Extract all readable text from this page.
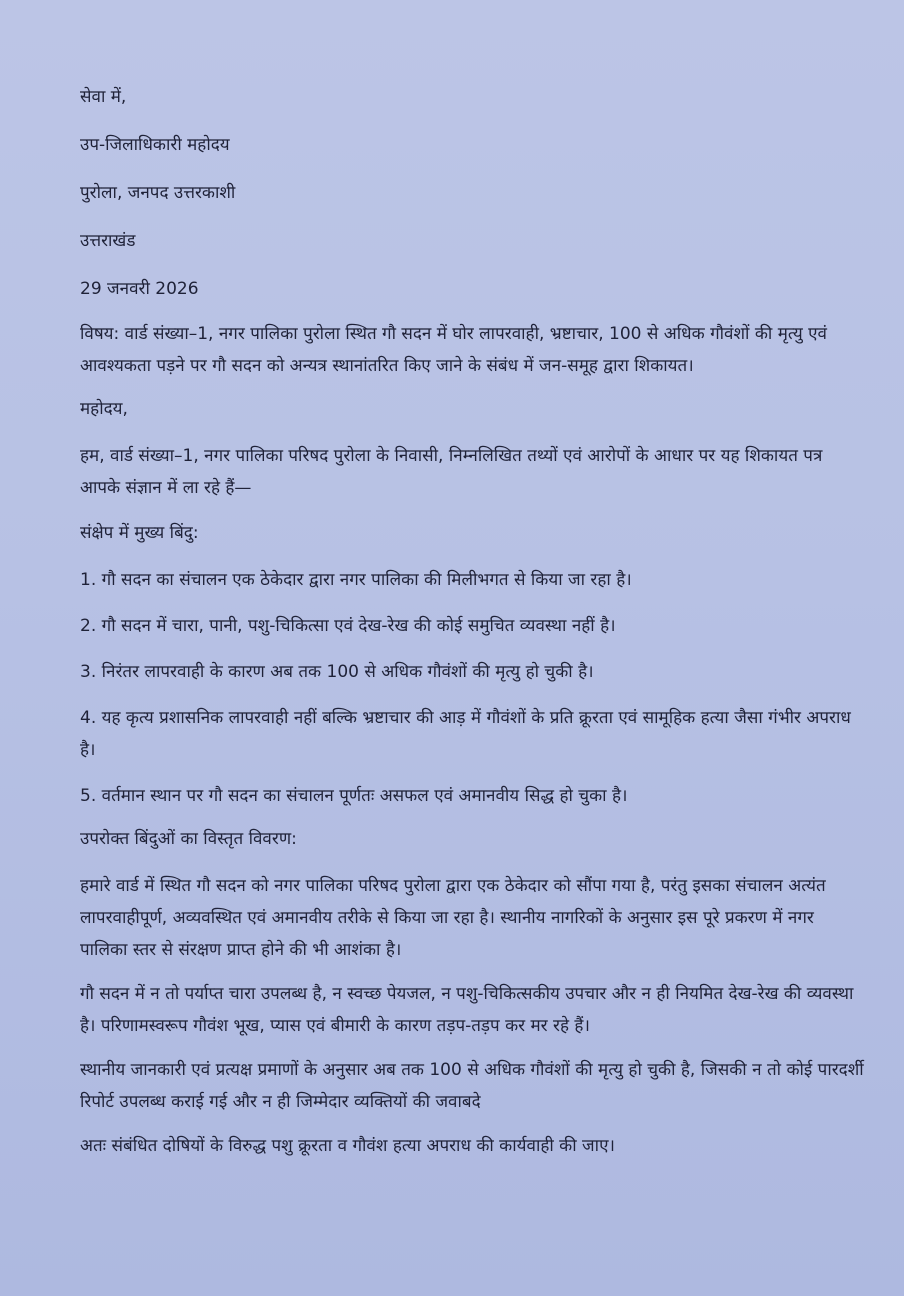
सेवा में,
उप-जिलाधिकारी महोदय
पुरोला, जनपद उत्तरकाशी
उत्तराखंड
29 जनवरी 2026
विषय: वार्ड संख्या–1, नगर पालिका पुरोला स्थित गौ सदन में घोर लापरवाही, भ्रष्टाचार, 100 से अधिक गौवंशों की मृत्यु एवं आवश्यकता पड़ने पर गौ सदन को अन्यत्र स्थानांतरित किए जाने के संबंध में जन-समूह द्वारा शिकायत।
महोदय,
हम, वार्ड संख्या–1, नगर पालिका परिषद पुरोला के निवासी, निम्नलिखित तथ्यों एवं आरोपों के आधार पर यह शिकायत पत्र आपके संज्ञान में ला रहे हैं—
संक्षेप में मुख्य बिंदु:
1. गौ सदन का संचालन एक ठेकेदार द्वारा नगर पालिका की मिलीभगत से किया जा रहा है।
2. गौ सदन में चारा, पानी, पशु-चिकित्सा एवं देख-रेख की कोई समुचित व्यवस्था नहीं है।
3. निरंतर लापरवाही के कारण अब तक 100 से अधिक गौवंशों की मृत्यु हो चुकी है।
4. यह कृत्य प्रशासनिक लापरवाही नहीं बल्कि भ्रष्टाचार की आड़ में गौवंशों के प्रति क्रूरता एवं सामूहिक हत्या जैसा गंभीर अपराध है।
5. वर्तमान स्थान पर गौ सदन का संचालन पूर्णतः असफल एवं अमानवीय सिद्ध हो चुका है।
उपरोक्त बिंदुओं का विस्तृत विवरण:
हमारे वार्ड में स्थित गौ सदन को नगर पालिका परिषद पुरोला द्वारा एक ठेकेदार को सौंपा गया है, परंतु इसका संचालन अत्यंत लापरवाहीपूर्ण, अव्यवस्थित एवं अमानवीय तरीके से किया जा रहा है। स्थानीय नागरिकों के अनुसार इस पूरे प्रकरण में नगर पालिका स्तर से संरक्षण प्राप्त होने की भी आशंका है।
गौ सदन में न तो पर्याप्त चारा उपलब्ध है, न स्वच्छ पेयजल, न पशु-चिकित्सकीय उपचार और न ही नियमित देख-रेख की व्यवस्था है। परिणामस्वरूप गौवंश भूख, प्यास एवं बीमारी के कारण तड़प-तड़प कर मर रहे हैं।
स्थानीय जानकारी एवं प्रत्यक्ष प्रमाणों के अनुसार अब तक 100 से अधिक गौवंशों की मृत्यु हो चुकी है, जिसकी न तो कोई पारदर्शी रिपोर्ट उपलब्ध कराई गई और न ही जिम्मेदार व्यक्तियों की जवाबदे
अतः संबंधित दोषियों के विरुद्ध पशु क्रूरता व गौवंश हत्या अपराध की कार्यवाही की जाए।
